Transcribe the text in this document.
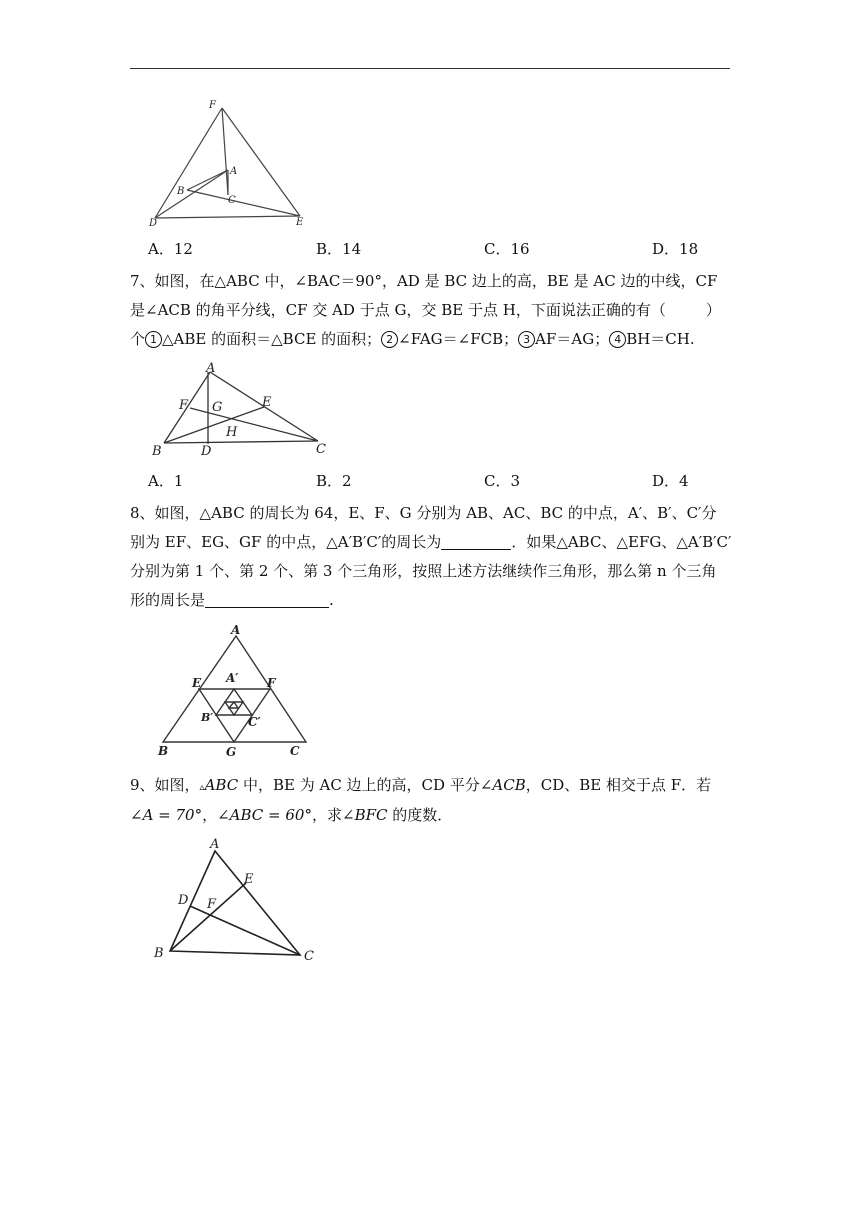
F
A
B
C
D	E
A．12	B．14	C．16	D．18
7、如图，在△ABC 中，∠BAC＝90°，AD 是 BC 边上的高，BE 是 AC 边的中线，CF
是∠ACB 的角平分线，CF 交 AD 于点 G，交 BE 于点 H，下面说法正确的有（	）
个 1 △ABE 的面积＝△BCE 的面积； 2 ∠FAG＝∠FCB； 3 AF＝AG； 4 BH＝CH.
A
F G	E
H
B	D	C
A．1	B．2	C．3	D．4
8、如图，△ABC 的周长为 64，E、F、G 分别为 AB、AC、BC 的中点，A′、B′、C′分
别为 EF、EG、GF 的中点，△A′B′C′的周长为	．如果△ABC、△EFG、△A′B′C′
分别为第 1 个、第 2 个、第 3 个三角形，按照上述方法继续作三角形，那么第 n 个三角
形的周长是	.
A
E	F
A′
B′	C′
B	G	C
9、如图，▵ABC 中，BE 为 AC 边上的高，CD 平分∠ACB，CD、BE 相交于点 F．若
∠A = 70°，∠ABC = 60°，求∠BFC 的度数．
A
E
D F
B	C
